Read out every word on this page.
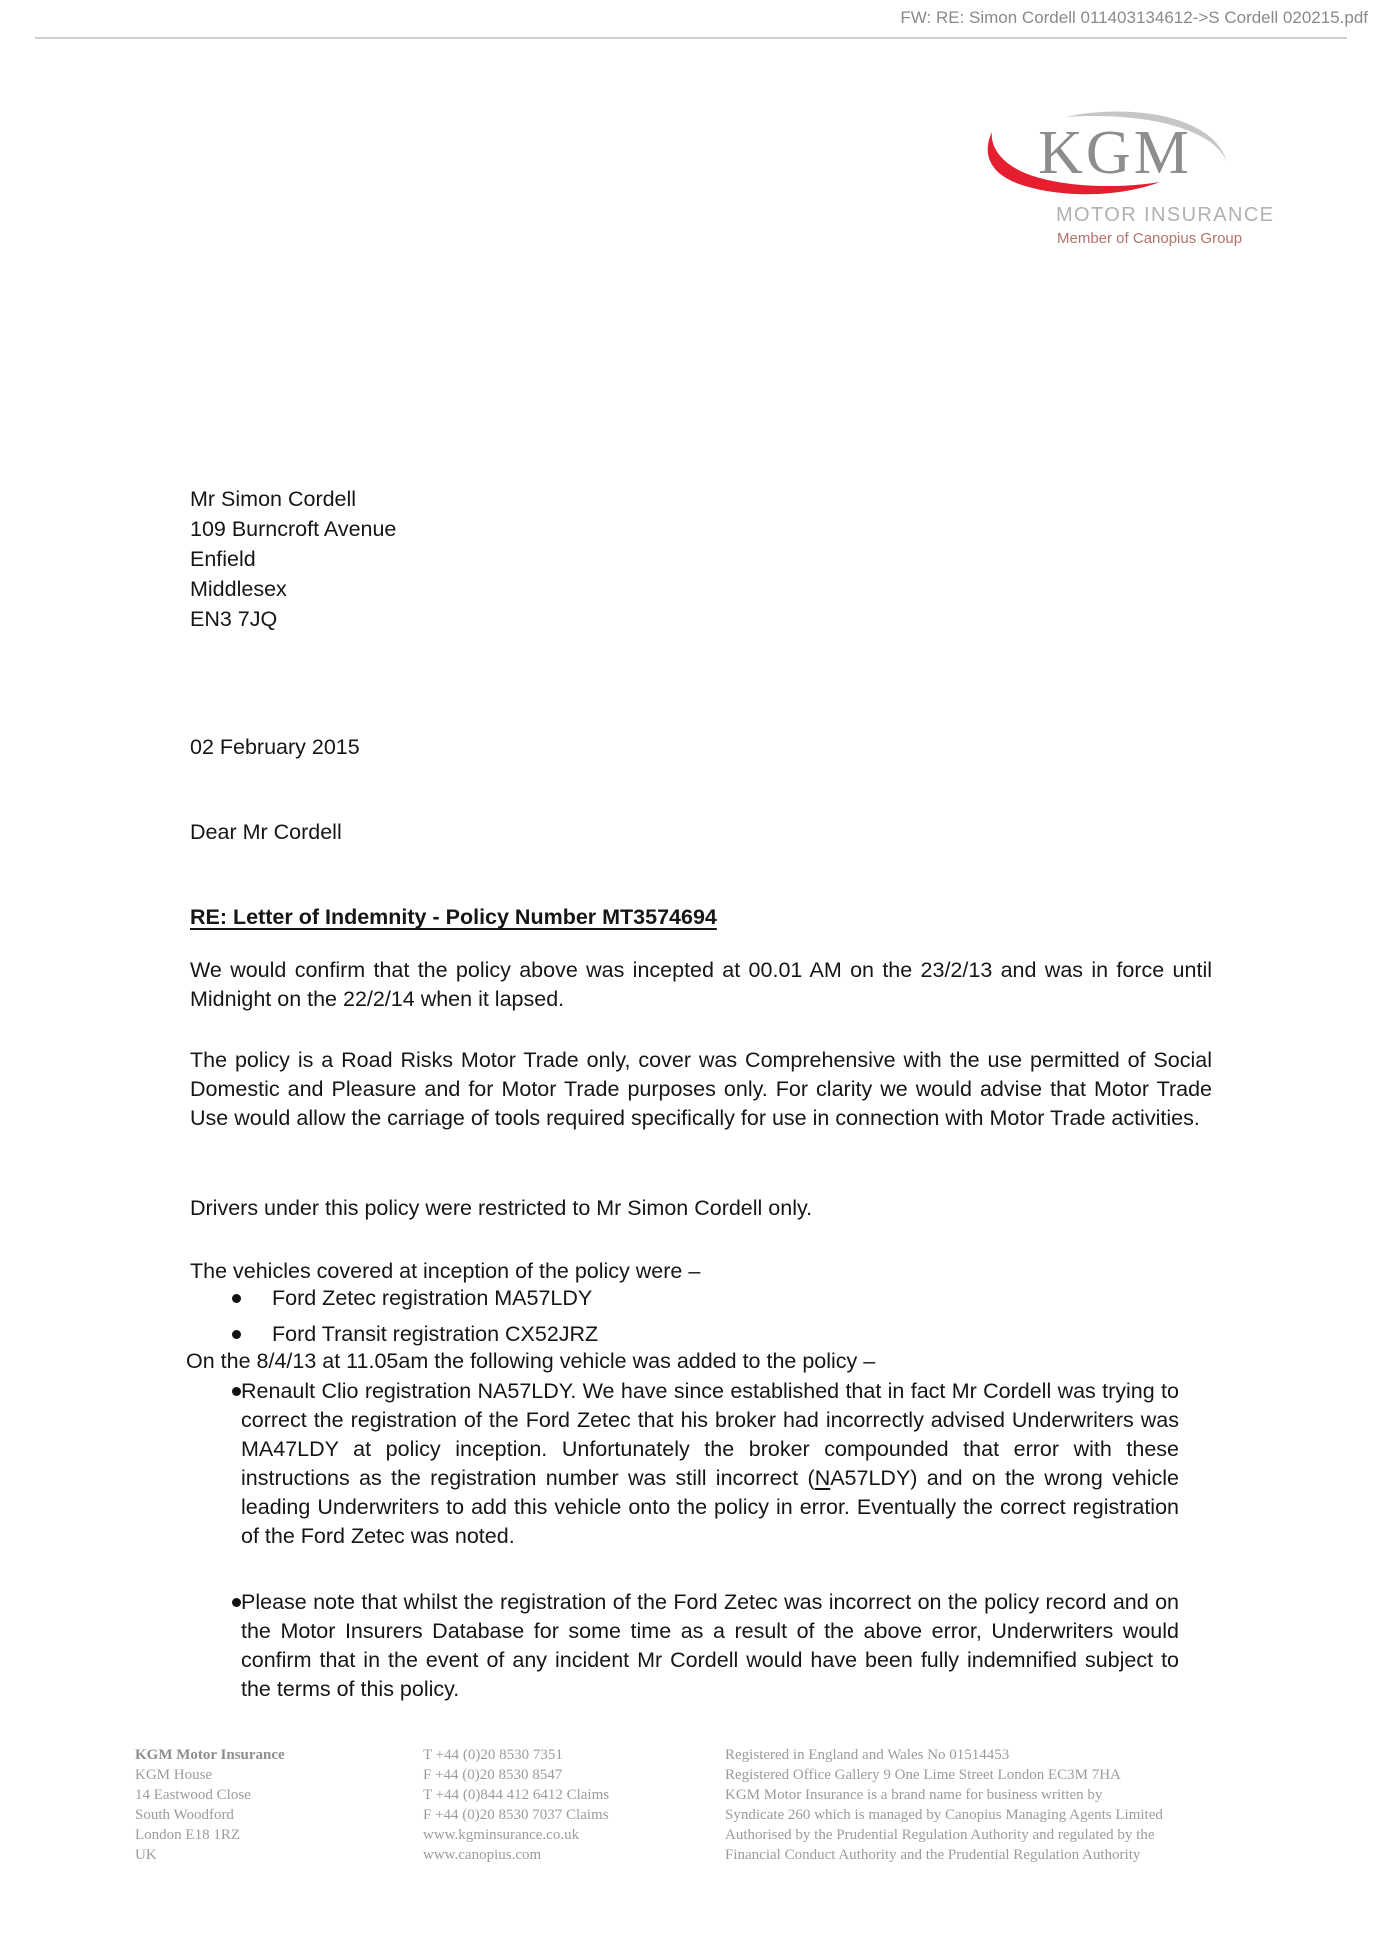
FW: RE: Simon Cordell 011403134612->S Cordell 020215.pdf
KGM
MOTOR INSURANCE
Member of Canopius Group
Mr Simon Cordell
109 Burncroft Avenue
Enfield
Middlesex
EN3 7JQ
02 February 2015
Dear Mr Cordell
RE: Letter of Indemnity - Policy Number MT3574694
We would confirm that the policy above was incepted at 00.01 AM on the 23/2/13 and was in force until Midnight on the 22/2/14 when it lapsed.
The policy is a Road Risks Motor Trade only, cover was Comprehensive with the use permitted of Social Domestic and Pleasure and for Motor Trade purposes only. For clarity we would advise that Motor Trade Use would allow the carriage of tools required specifically for use in connection with Motor Trade activities.
Drivers under this policy were restricted to Mr Simon Cordell only.
The vehicles covered at inception of the policy were –
Ford Zetec registration MA57LDY
Ford Transit registration CX52JRZ
On the 8/4/13 at 11.05am the following vehicle was added to the policy –

Renault Clio registration NA57LDY. We have since established that in fact Mr Cordell was trying to correct the registration of the Ford Zetec that his broker had incorrectly advised Underwriters was MA47LDY at policy inception. Unfortunately the broker compounded that error with these instructions as the registration number was still incorrect (NA57LDY) and on the wrong vehicle leading Underwriters to add this vehicle onto the policy in error. Eventually the correct registration of the Ford Zetec was noted.

Please note that whilst the registration of the Ford Zetec was incorrect on the policy record and on the Motor Insurers Database for some time as a result of the above error, Underwriters would confirm that in the event of any incident Mr Cordell would have been fully indemnified subject to the terms of this policy.

KGM Motor Insurance
KGM House
14 Eastwood Close
South Woodford
London E18 1RZ
UK
T +44 (0)20 8530 7351
F +44 (0)20 8530 8547
T +44 (0)844 412 6412 Claims
F +44 (0)20 8530 7037 Claims
www.kgminsurance.co.uk
www.canopius.com
Registered in England and Wales No 01514453
Registered Office Gallery 9 One Lime Street London EC3M 7HA
KGM Motor Insurance is a brand name for business written by
Syndicate 260 which is managed by Canopius Managing Agents Limited
Authorised by the Prudential Regulation Authority and regulated by the
Financial Conduct Authority and the Prudential Regulation Authority
